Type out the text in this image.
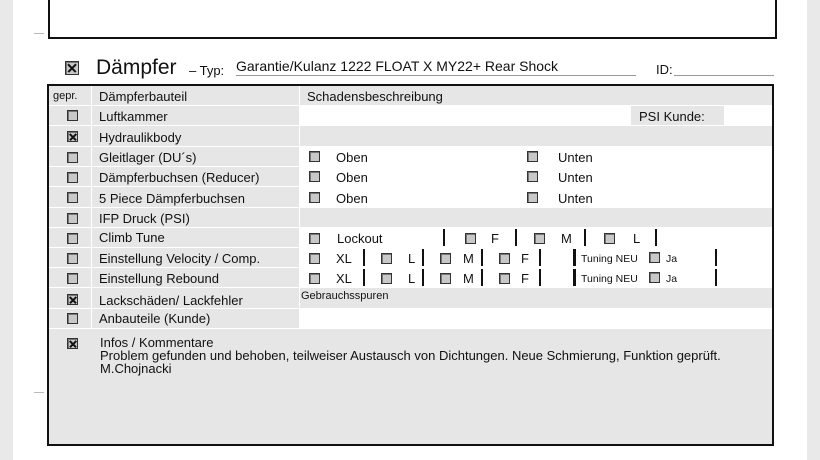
Dämpfer – Typ: Garantie/Kulanz 1222 FLOAT X MY22+ Rear Shock	ID:
gepr. Dämpferbauteil	Schadensbeschreibung
Luftkammer	PSI Kunde:
Hydraulikbody
Gleitlager (DU´s)	Oben	Unten
Dämpferbuchsen (Reducer)	Oben	Unten
5 Piece Dämpferbuchsen	Oben	Unten
IFP Druck (PSI)
Climb Tune	Lockout	F	M	L
Einstellung Velocity / Comp.	XL	L	M	F	Tuning NEU	Ja
Einstellung Rebound	XL	L	M	F	Tuning NEU	Ja
Lackschäden/ Lackfehler	Gebrauchsspuren
Anbauteile (Kunde)
Infos / Kommentare
Problem gefunden und behoben, teilweiser Austausch von Dichtungen. Neue Schmierung, Funktion geprüft.
M.Chojnacki
